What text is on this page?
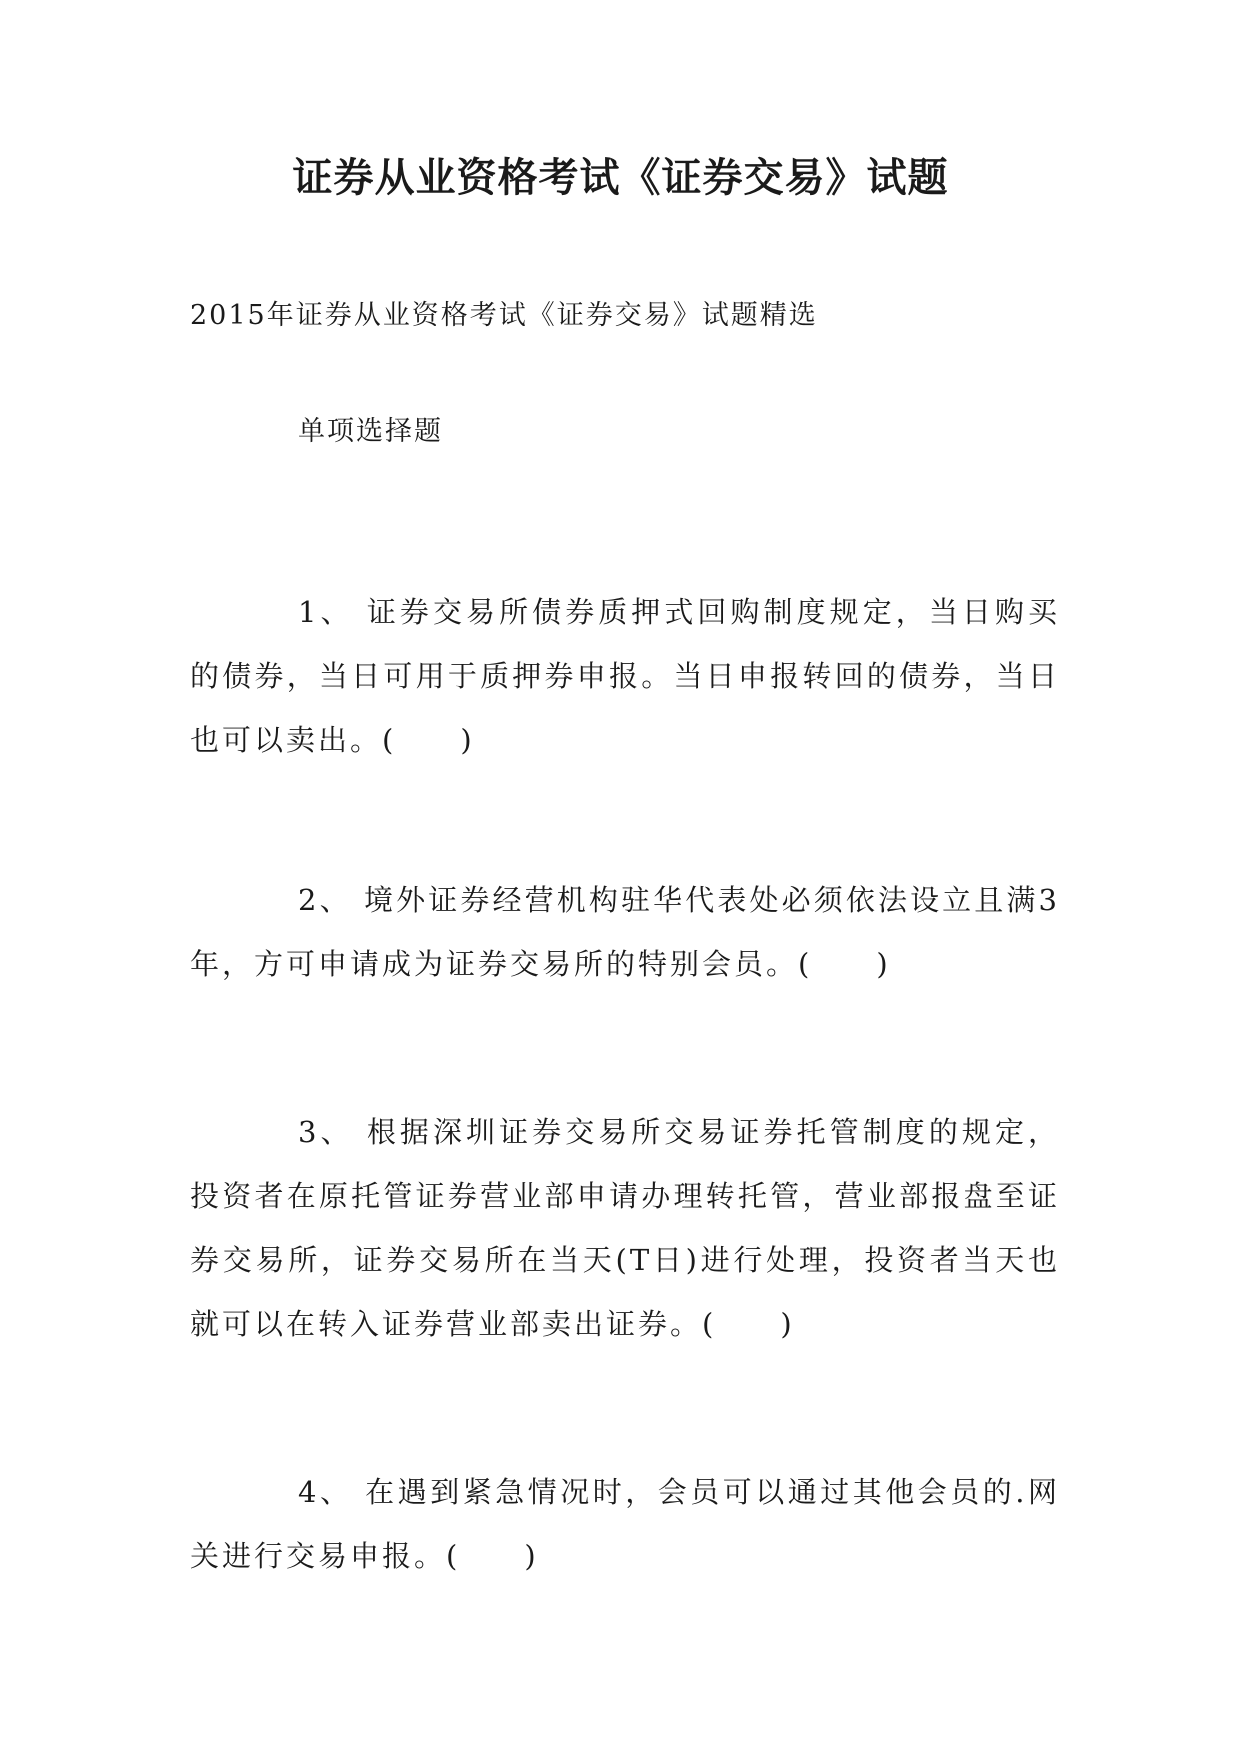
证券从业资格考试《证券交易》试题
2015年证券从业资格考试《证券交易》试题精选
单项选择题

1、 证券交易所债券质押式回购制度规定，当日购买的债券，当日可用于质押券申报。当日申报转回的债券，当日也可以卖出。(　　)

2、 境外证券经营机构驻华代表处必须依法设立且满3年，方可申请成为证券交易所的特别会员。(　　)

3、 根据深圳证券交易所交易证券托管制度的规定，投资者在原托管证券营业部申请办理转托管，营业部报盘至证券交易所，证券交易所在当天(T日)进行处理，投资者当天也就可以在转入证券营业部卖出证券。(　　)

4、 在遇到紧急情况时，会员可以通过其他会员的.网关进行交易申报。(　　)
